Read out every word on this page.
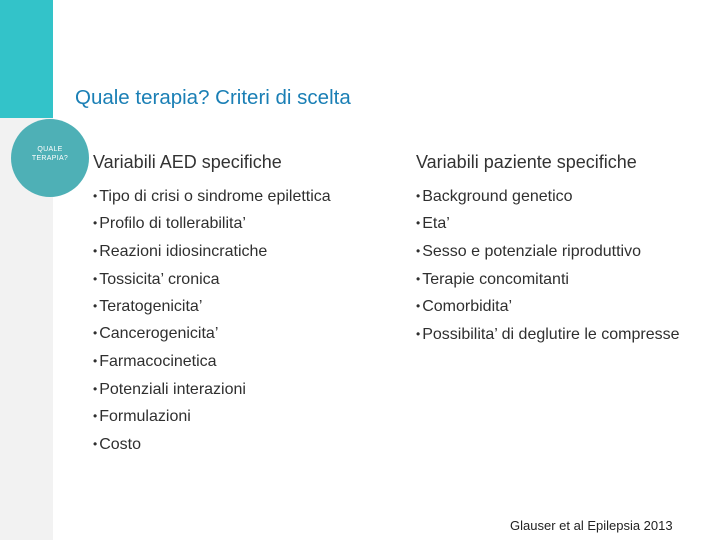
Quale terapia? Criteri di scelta
QUALE TERAPIA?	Variabili AED specifiche	Variabili paziente specifiche
• Tipo di crisi o sindrome epilettica
• Profilo di tollerabilita’
• Reazioni idiosincratiche
• Tossicita’ cronica
• Teratogenicita’
• Cancerogenicita’
• Farmacocinetica
• Potenziali interazioni
• Formulazioni
• Costo
• Background genetico
• Eta’
• Sesso e potenziale riproduttivo
• Terapie concomitanti
• Comorbidita’
• Possibilita’ di deglutire le compresse
Glauser et al Epilepsia 2013
